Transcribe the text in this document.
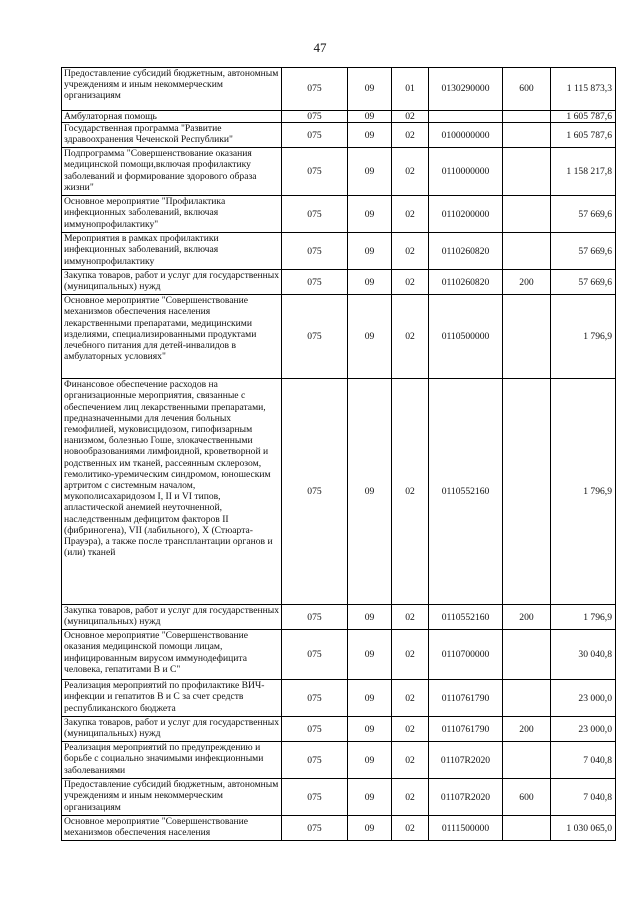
47
Предоставление субсидий бюджетным, автономным учреждениям и иным некоммерческим организациям	075	09	01	0130290000	600	1 115 873,3
Амбулаторная помощь	075	09	02			1 605 787,6
Государственная программа "Развитие здравоохранения Чеченской Республики"	075	09	02	0100000000		1 605 787,6
Подпрограмма "Совершенствование оказания медицинской помощи,включая профилактику заболеваний и формирование здорового образа жизни"	075	09	02	0110000000		1 158 217,8
Основное мероприятие "Профилактика инфекционных заболеваний, включая иммунопрофилактику"	075	09	02	0110200000		57 669,6
Мероприятия в рамках профилактики инфекционных заболеваний, включая иммунопрофилактику	075	09	02	0110260820		57 669,6
Закупка товаров, работ и услуг для государственных (муниципальных) нужд	075	09	02	0110260820	200	57 669,6
Основное мероприятие "Совершенствование механизмов обеспечения населения лекарственными препаратами, медицинскими изделиями, специализированными продуктами лечебного питания для детей-инвалидов в амбулаторных условиях"	075	09	02	0110500000		1 796,9
Финансовое обеспечение расходов на организационные мероприятия, связанные с обеспечением лиц лекарственными препаратами, предназначенными для лечения больных гемофилией, муковисцидозом, гипофизарным нанизмом, болезнью Гоше, злокачественными новообразованиями лимфоидной, кроветворной и родственных им тканей, рассеянным склерозом, гемолитико-уремическим синдромом, юношеским артритом с системным началом, мукополисахаридозом I, II и VI типов, апластической анемией неуточненной, наследственным дефицитом факторов II (фибриногена), VII (лабильного), X (Стюарта-Прауэра), а также после трансплантации органов и (или) тканей	075	09	02	0110552160		1 796,9
Закупка товаров, работ и услуг для государственных (муниципальных) нужд	075	09	02	0110552160	200	1 796,9
Основное мероприятие "Совершенствование оказания медицинской помощи лицам, инфицированным вирусом иммунодефицита человека, гепатитами В и С"	075	09	02	0110700000		30 040,8
Реализация мероприятий по профилактике ВИЧ-инфекции и гепатитов В и С за счет средств республиканского бюджета	075	09	02	0110761790		23 000,0
Закупка товаров, работ и услуг для государственных (муниципальных) нужд	075	09	02	0110761790	200	23 000,0
Реализация мероприятий по предупреждению и борьбе с социально значимыми инфекционными заболеваниями	075	09	02	01107R2020		7 040,8
Предоставление субсидий бюджетным, автономным учреждениям и иным некоммерческим организациям	075	09	02	01107R2020	600	7 040,8
Основное мероприятие "Совершенствование механизмов обеспечения населения	075	09	02	0111500000		1 030 065,0
